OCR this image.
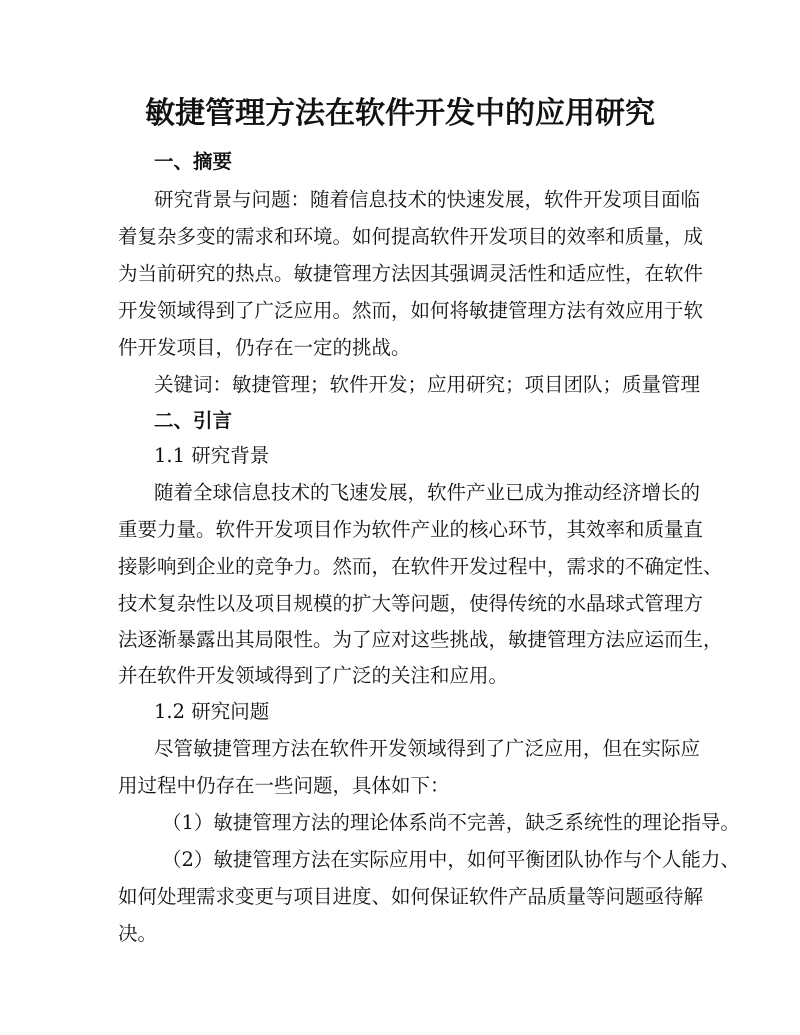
敏捷管理方法在软件开发中的应用研究
一、摘要
研究背景与问题：随着信息技术的快速发展，软件开发项目面临
着复杂多变的需求和环境。如何提高软件开发项目的效率和质量，成
为当前研究的热点。敏捷管理方法因其强调灵活性和适应性，在软件
开发领域得到了广泛应用。然而，如何将敏捷管理方法有效应用于软
件开发项目，仍存在一定的挑战。
关键词：敏捷管理；软件开发；应用研究；项目团队；质量管理
二、引言
1.1 研究背景
随着全球信息技术的飞速发展，软件产业已成为推动经济增长的
重要力量。软件开发项目作为软件产业的核心环节，其效率和质量直
接影响到企业的竞争力。然而，在软件开发过程中，需求的不确定性、
技术复杂性以及项目规模的扩大等问题，使得传统的水晶球式管理方
法逐渐暴露出其局限性。为了应对这些挑战，敏捷管理方法应运而生，
并在软件开发领域得到了广泛的关注和应用。
1.2 研究问题
尽管敏捷管理方法在软件开发领域得到了广泛应用，但在实际应
用过程中仍存在一些问题，具体如下：
（1）敏捷管理方法的理论体系尚不完善，缺乏系统性的理论指导。
（2）敏捷管理方法在实际应用中，如何平衡团队协作与个人能力、
如何处理需求变更与项目进度、如何保证软件产品质量等问题亟待解
决。
